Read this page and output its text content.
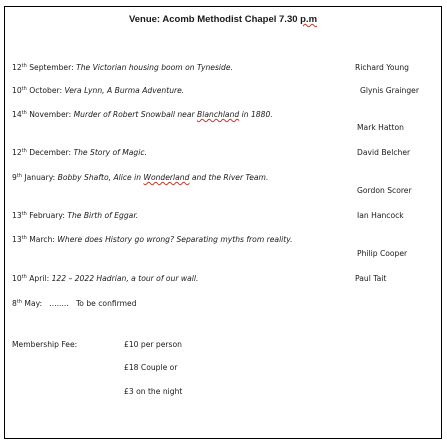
Venue: Acomb Methodist Chapel 7.30 p.m
12th September: The Victorian housing boom on Tyneside.	Richard Young
10th October: Vera Lynn, A Burma Adventure.	Glynis Grainger
14th November: Murder of Robert Snowball near Blanchland in 1880.
Mark Hatton
12th December: The Story of Magic.	David Belcher
9th January: Bobby Shafto, Alice in Wonderland and the River Team.
Gordon Scorer
13th February: The Birth of Eggar.	Ian Hancock
13th March: Where does History go wrong? Separating myths from reality.
Philip Cooper
10th April: 122 – 2022 Hadrian, a tour of our wall.	Paul Tait
8th May: ........ To be confirmed
Membership Fee:	£10 per person
£18 Couple or
£3 on the night
